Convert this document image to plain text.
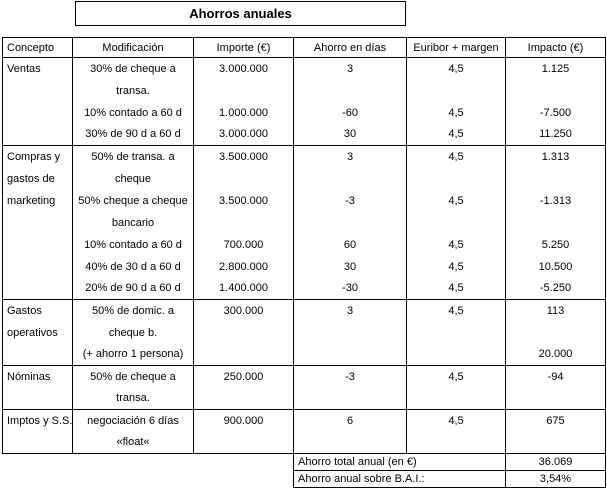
Ahorros anuales
Concepto	Modificación	Importe (€)	Ahorro en días	Euribor + margen	Impacto (€)
Ventas	30% de cheque a	3.000.000	3	4,5	1.125
	transa.				
	10% contado a 60 d	1.000.000	-60	4,5	-7.500
	30% de 90 d a 60 d	3.000.000	30	4,5	11.250
Compras y	50% de transa. a	3.500.000	3	4,5	1.313
gastos de	cheque				
marketing	50% cheque a cheque	3.500.000	-3	4,5	-1.313
	bancario				
	10% contado a 60 d	700.000	60	4,5	5.250
	40% de 30 d a 60 d	2.800.000	30	4,5	10.500
	20% de 90 d a 60 d	1.400.000	-30	4,5	-5.250
Gastos	50% de domic. a	300.000	3	4,5	113
operativos	cheque b.				
	(+ ahorro 1 persona)				20.000
Nóminas	50% de cheque a	250.000	-3	4,5	-94
	transa.				
Imptos y S.S.	negociación 6 días	900.000	6	4,5	675
	«float«				
			Ahorro total anual (en €)		36.069
			Ahorro anual sobre B.A.I.:		3,54%
